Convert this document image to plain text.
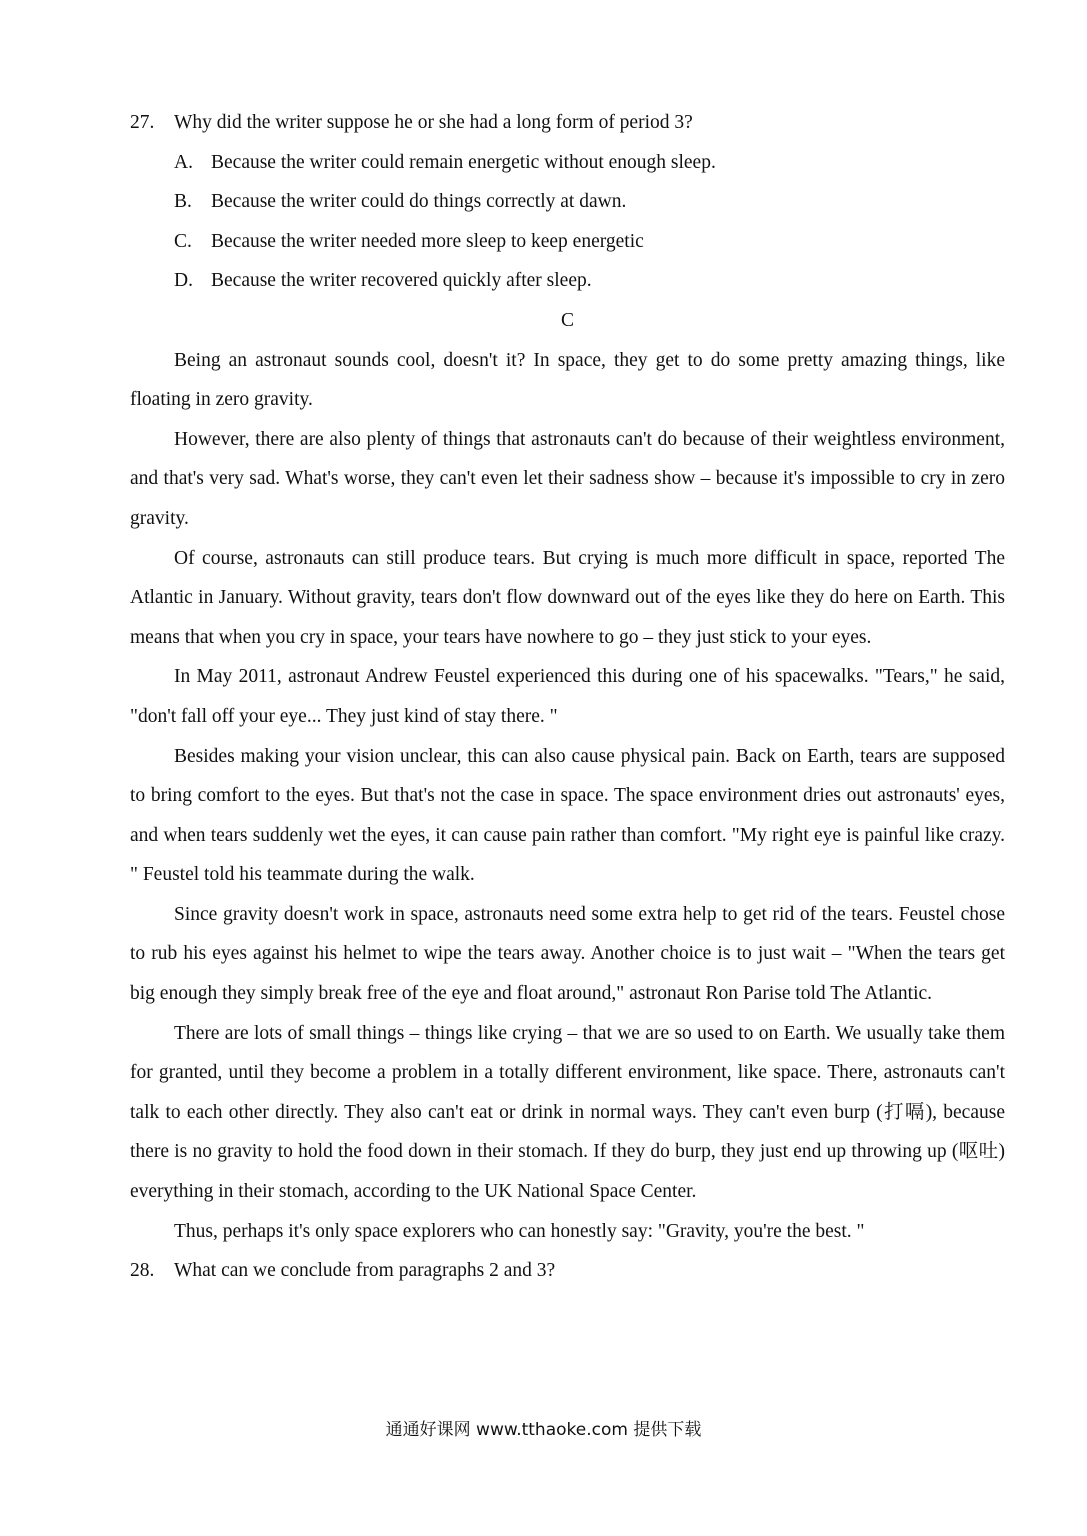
27. Why did the writer suppose he or she had a long form of period 3?

A. Because the writer could remain energetic without enough sleep.

B. Because the writer could do things correctly at dawn.

C. Because the writer needed more sleep to keep energetic

D. Because the writer recovered quickly after sleep.

C

Being an astronaut sounds cool, doesn't it? In space, they get to do some pretty amazing things, like floating in zero gravity.

However, there are also plenty of things that astronauts can't do because of their weightless environment, and that's very sad. What's worse, they can't even let their sadness show – because it's impossible to cry in zero gravity.

Of course, astronauts can still produce tears. But crying is much more difficult in space, reported The Atlantic in January. Without gravity, tears don't flow downward out of the eyes like they do here on Earth. This means that when you cry in space, your tears have nowhere to go – they just stick to your eyes.

In May 2011, astronaut Andrew Feustel experienced this during one of his spacewalks. "Tears," he said, "don't fall off your eye... They just kind of stay there. "

Besides making your vision unclear, this can also cause physical pain. Back on Earth, tears are supposed to bring comfort to the eyes. But that's not the case in space. The space environment dries out astronauts' eyes, and when tears suddenly wet the eyes, it can cause pain rather than comfort. "My right eye is painful like crazy. " Feustel told his teammate during the walk.

Since gravity doesn't work in space, astronauts need some extra help to get rid of the tears. Feustel chose to rub his eyes against his helmet to wipe the tears away. Another choice is to just wait – "When the tears get big enough they simply break free of the eye and float around," astronaut Ron Parise told The Atlantic.

There are lots of small things – things like crying – that we are so used to on Earth. We usually take them for granted, until they become a problem in a totally different environment, like space. There, astronauts can't talk to each other directly. They also can't eat or drink in normal ways. They can't even burp (打嗝), because there is no gravity to hold the food down in their stomach. If they do burp, they just end up throwing up (呕吐) everything in their stomach, according to the UK National Space Center.

Thus, perhaps it's only space explorers who can honestly say: "Gravity, you're the best. "

28. What can we conclude from paragraphs 2 and 3?

通通好课网 www.tthaoke.com 提供下载
